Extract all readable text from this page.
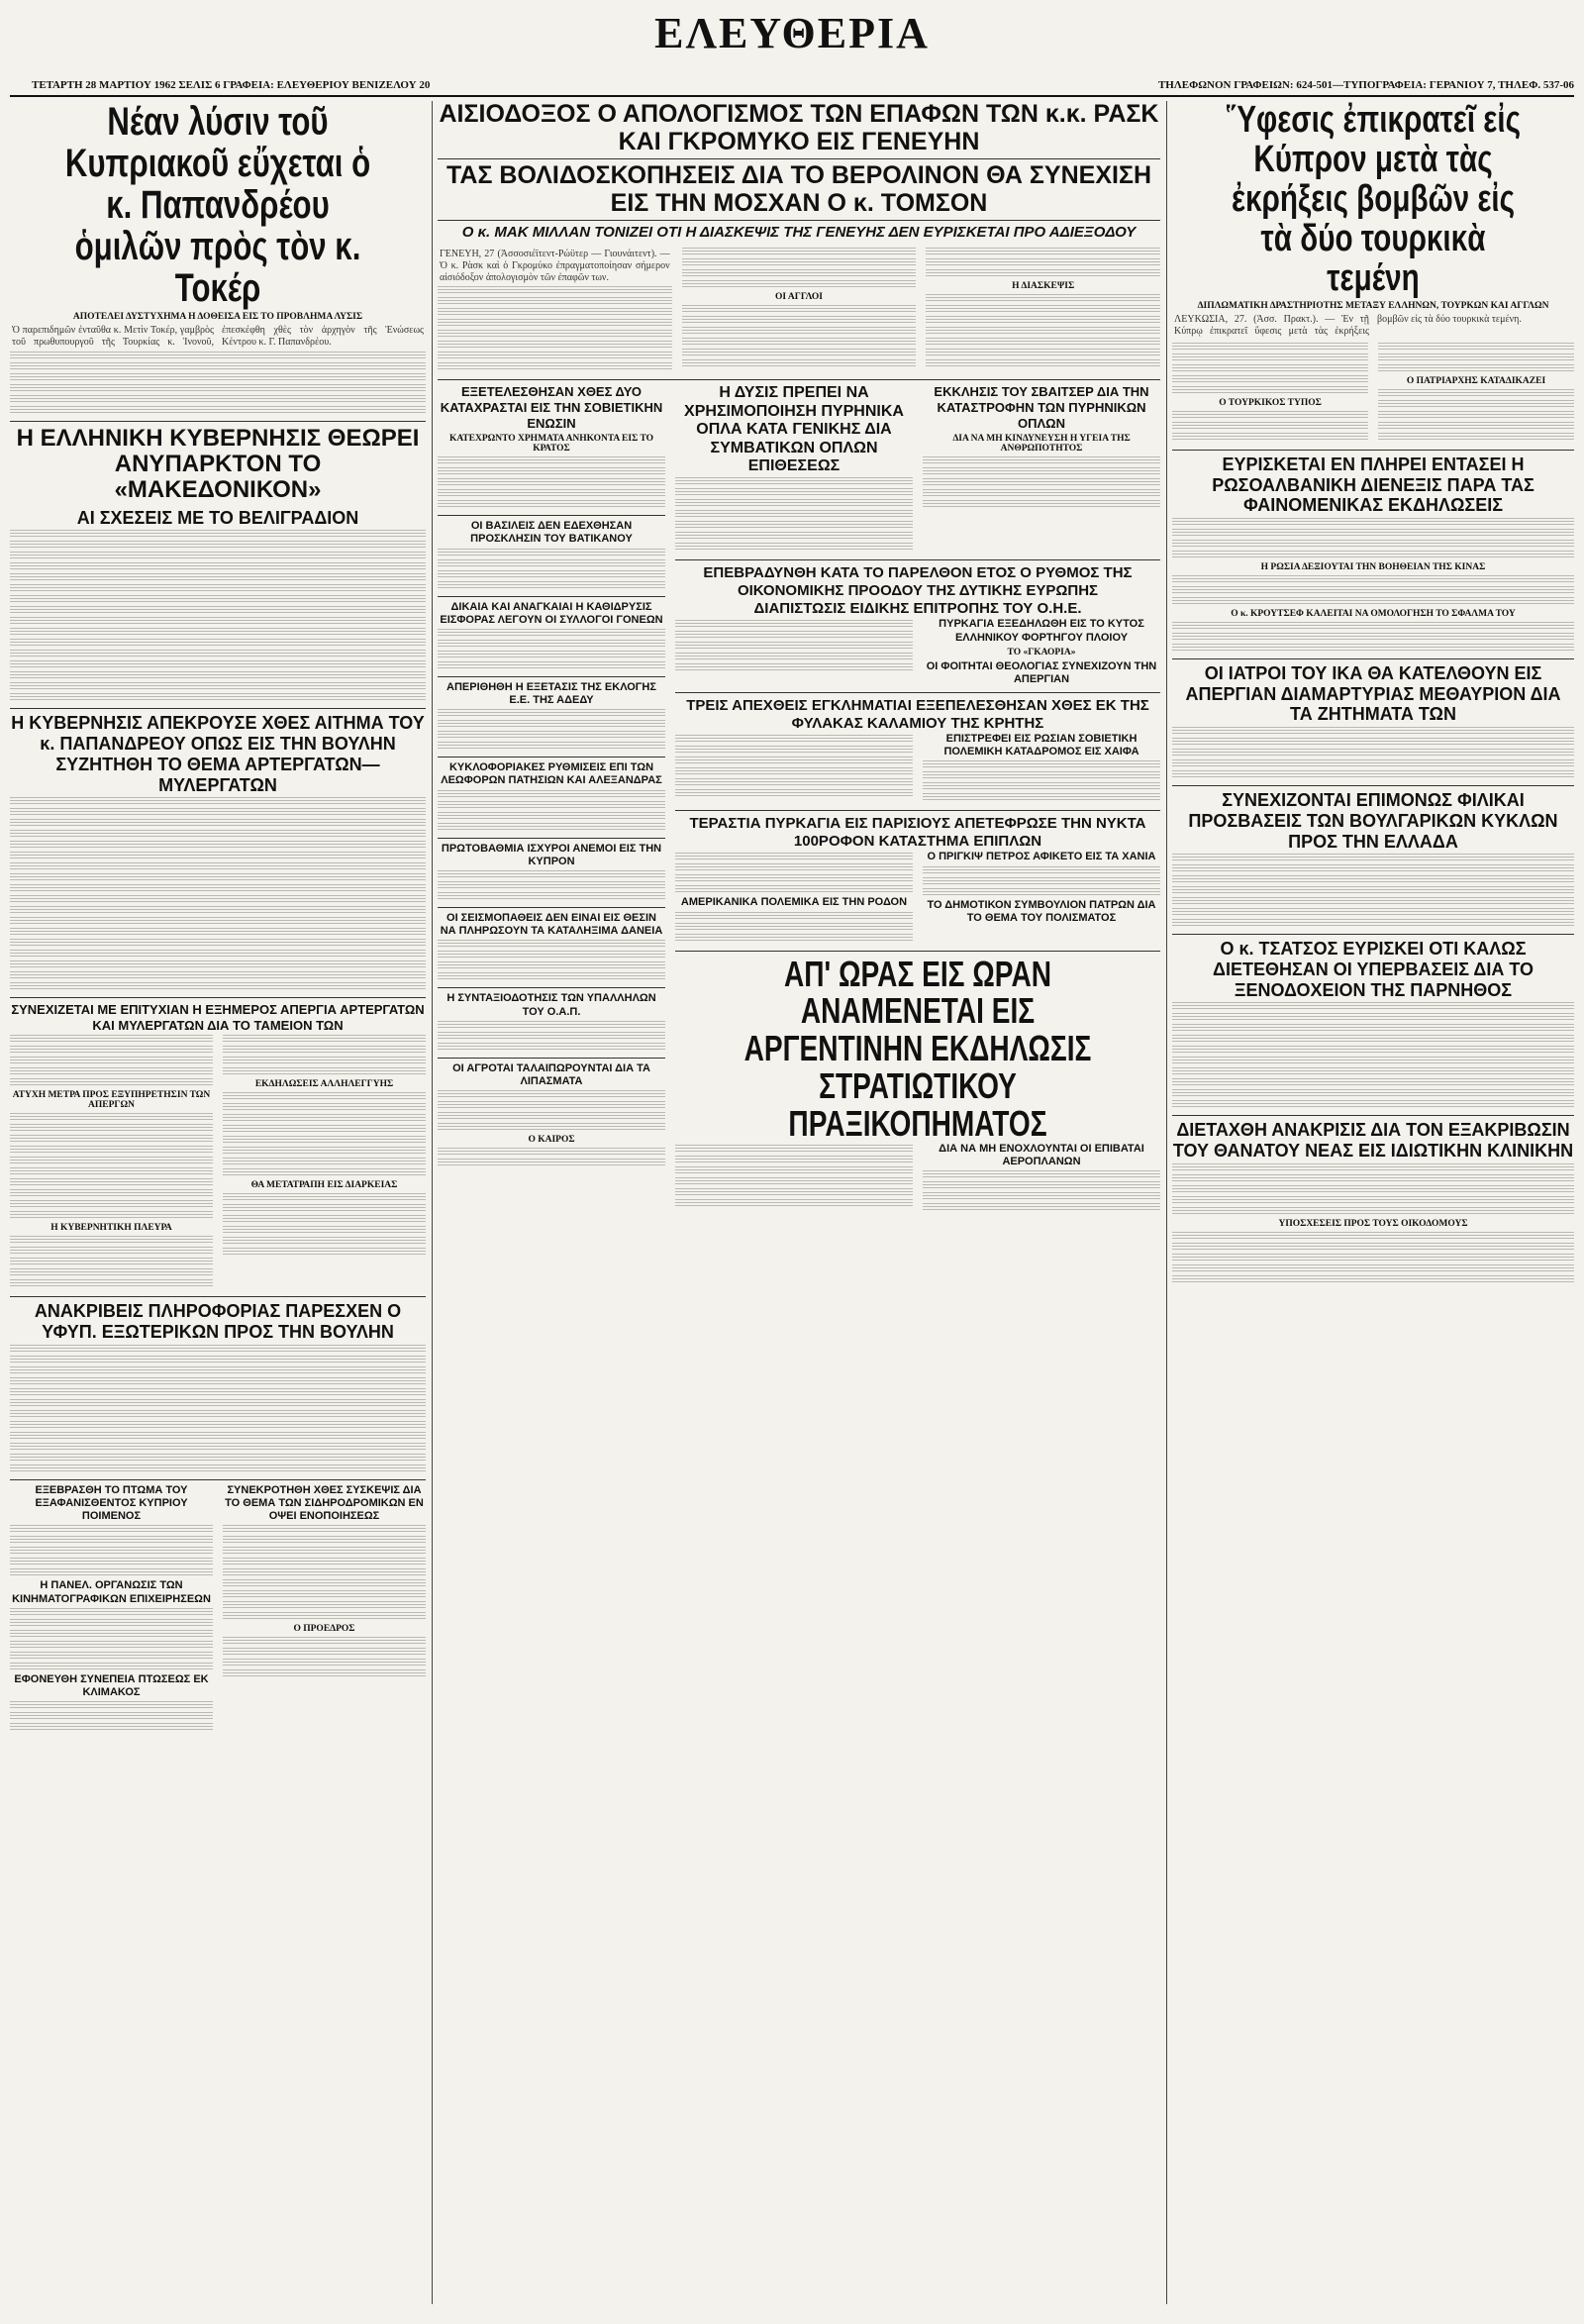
ΤΕΤΑΡΤΗ 28 ΜΑΡΤΙΟΥ 1962 ΣΕΛΙΣ 6 ΓΡΑΦΕΙΑ: ΕΛΕΥΘΕΡΙΟΥ ΒΕΝΙΖΕΛΟΥ 20
ΕΛΕΥΘΕΡΙΑ
ΤΗΛΕΦΩΝΟΝ ΓΡΑΦΕΙΩΝ: 624-501—ΤΥΠΟΓΡΑΦΕΙΑ: ΓΕΡΑΝΙΟΥ 7, ΤΗΛΕΦ. 537-06
Νέαν λύσιν τοῦ Κυπριακοῦ εὔχεται ὁ κ. Παπανδρέου ὁμιλῶν πρὸς τὸν κ. Τοκέρ
ΑΠΟΤΕΛΕΙ ΔΥΣΤΥΧΗΜΑ Η ΔΟΘΕΙΣΑ ΕΙΣ ΤΟ ΠΡΟΒΛΗΜΑ ΛΥΣΙΣ

Ὁ παρεπιδημῶν ἐνταῦθα κ. Μετὶν Τοκέρ, γαμβρὸς τοῦ πρωθυπουργοῦ τῆς Τουρκίας κ. Ἰνονοῦ, ἐπεσκέφθη χθὲς τὸν ἀρχηγὸν τῆς Ἑνώσεως Κέντρου κ. Γ. Παπανδρέου.

Η ΕΛΛΗΝΙΚΗ ΚΥΒΕΡΝΗΣΙΣ ΘΕΩΡΕΙ ΑΝΥΠΑΡΚΤΟΝ ΤΟ «ΜΑΚΕΔΟΝΙΚΟΝ»
ΑΙ ΣΧΕΣΕΙΣ ΜΕ ΤΟ ΒΕΛΙΓΡΑΔΙΟΝ
Η ΚΥΒΕΡΝΗΣΙΣ ΑΠΕΚΡΟΥΣΕ ΧΘΕΣ ΑΙΤΗΜΑ ΤΟΥ κ. ΠΑΠΑΝΔΡΕΟΥ ΟΠΩΣ ΕΙΣ ΤΗΝ ΒΟΥΛΗΝ ΣΥΖΗΤΗΘΗ ΤΟ ΘΕΜΑ ΑΡΤΕΡΓΑΤΩΝ—ΜΥΛΕΡΓΑΤΩΝ
ΣΥΝΕΧΙΖΕΤΑΙ ΜΕ ΕΠΙΤΥΧΙΑΝ Η ΕΞΗΜΕΡΟΣ ΑΠΕΡΓΙΑ ΑΡΤΕΡΓΑΤΩΝ ΚΑΙ ΜΥΛΕΡΓΑΤΩΝ ΔΙΑ ΤΟ ΤΑΜΕΙΟΝ ΤΩΝ
ΑΤΥΧΗ ΜΕΤΡΑ ΠΡΟΣ ΕΞΥΠΗΡΕΤΗΣΙΝ ΤΩΝ ΑΠΕΡΓΩΝ
Η ΚΥΒΕΡΝΗΤΙΚΗ ΠΛΕΥΡΑ
ΕΚΔΗΛΩΣΕΙΣ ΑΛΛΗΛΕΓΓΥΗΣ
ΘΑ ΜΕΤΑΤΡΑΠΗ ΕΙΣ ΔΙΑΡΚΕΙΑΣ
ΑΝΑΚΡΙΒΕΙΣ ΠΛΗΡΟΦΟΡΙΑΣ ΠΑΡΕΣΧΕΝ Ο ΥΦΥΠ. ΕΞΩΤΕΡΙΚΩΝ ΠΡΟΣ ΤΗΝ ΒΟΥΛΗΝ
ΕΞΕΒΡΑΣΘΗ ΤΟ ΠΤΩΜΑ ΤΟΥ ΕΞΑΦΑΝΙΣΘΕΝΤΟΣ ΚΥΠΡΙΟΥ ΠΟΙΜΕΝΟΣ
Η ΠΑΝΕΛ. ΟΡΓΑΝΩΣΙΣ ΤΩΝ ΚΙΝΗΜΑΤΟΓΡΑΦΙΚΩΝ ΕΠΙΧΕΙΡΗΣΕΩΝ
ΕΦΟΝΕΥΘΗ ΣΥΝΕΠΕΙΑ ΠΤΩΣΕΩΣ ΕΚ ΚΛΙΜΑΚΟΣ
ΣΥΝΕΚΡΟΤΗΘΗ ΧΘΕΣ ΣΥΣΚΕΨΙΣ ΔΙΑ ΤΟ ΘΕΜΑ ΤΩΝ ΣΙΔΗΡΟΔΡΟΜΙΚΩΝ ΕΝ ΟΨΕΙ ΕΝΟΠΟΙΗΣΕΩΣ
Ο ΠΡΟΕΔΡΟΣ
ΑΙΣΙΟΔΟΞΟΣ Ο ΑΠΟΛΟΓΙΣΜΟΣ ΤΩΝ ΕΠΑΦΩΝ ΤΩΝ κ.κ. ΡΑΣΚ ΚΑΙ ΓΚΡΟΜΥΚΟ ΕΙΣ ΓΕΝΕΥΗΝ
ΤΑΣ ΒΟΛΙΔΟΣΚΟΠΗΣΕΙΣ ΔΙΑ ΤΟ ΒΕΡΟΛΙΝΟΝ ΘΑ ΣΥΝΕΧΙΣΗ ΕΙΣ ΤΗΝ ΜΟΣΧΑΝ Ο κ. ΤΟΜΣΟΝ
Ο κ. ΜΑΚ ΜΙΛΛΑΝ ΤΟΝΙΖΕΙ ΟΤΙ Η ΔΙΑΣΚΕΨΙΣ ΤΗΣ ΓΕΝΕΥΗΣ ΔΕΝ ΕΥΡΙΣΚΕΤΑΙ ΠΡΟ ΑΔΙΕΞΟΔΟΥ

ΓΕΝΕΥΗ, 27 (Ἀσσοσιέϊτεντ-Ρώϋτερ — Γιουνάιτεντ). — Ὁ κ. Ρὰσκ καὶ ὁ Γκρομύκο ἐπραγματοποίησαν σήμερον αἰσιόδοξον ἀπολογισμὸν τῶν ἐπαφῶν των.

ΟΙ ΑΓΓΛΟΙ
Η ΔΙΑΣΚΕΨΙΣ
ΕΞΕΤΕΛΕΣΘΗΣΑΝ ΧΘΕΣ ΔΥΟ ΚΑΤΑΧΡΑΣΤΑΙ ΕΙΣ ΤΗΝ ΣΟΒΙΕΤΙΚΗΝ ΕΝΩΣΙΝ
ΚΑΤΕΧΡΩΝΤΟ ΧΡΗΜΑΤΑ ΑΝΗΚΟΝΤΑ ΕΙΣ ΤΟ ΚΡΑΤΟΣ
ΟΙ ΒΑΣΙΛΕΙΣ ΔΕΝ ΕΔΕΧΘΗΣΑΝ ΠΡΟΣΚΛΗΣΙΝ ΤΟΥ ΒΑΤΙΚΑΝΟΥ
ΔΙΚΑΙΑ ΚΑΙ ΑΝΑΓΚΑΙΑΙ Η ΚΑΘΙΔΡΥΣΙΣ ΕΙΣΦΟΡΑΣ ΛΕΓΟΥΝ ΟΙ ΣΥΛΛΟΓΟΙ ΓΟΝΕΩΝ
ΑΠΕΡΙΘΗΘΗ Η ΕΞΕΤΑΣΙΣ ΤΗΣ ΕΚΛΟΓΗΣ Ε.Ε. ΤΗΣ ΑΔΕΔΥ
ΚΥΚΛΟΦΟΡΙΑΚΕΣ ΡΥΘΜΙΣΕΙΣ ΕΠΙ ΤΩΝ ΛΕΩΦΟΡΩΝ ΠΑΤΗΣΙΩΝ ΚΑΙ ΑΛΕΞΑΝΔΡΑΣ
ΠΡΩΤΟΒΑΘΜΙΑ ΙΣΧΥΡΟΙ ΑΝΕΜΟΙ ΕΙΣ ΤΗΝ ΚΥΠΡΟΝ
ΟΙ ΣΕΙΣΜΟΠΑΘΕΙΣ ΔΕΝ ΕΙΝΑΙ ΕΙΣ ΘΕΣΙΝ ΝΑ ΠΛΗΡΩΣΟΥΝ ΤΑ ΚΑΤΑΛΗΞΙΜΑ ΔΑΝΕΙΑ
Η ΣΥΝΤΑΞΙΟΔΟΤΗΣΙΣ ΤΩΝ ΥΠΑΛΛΗΛΩΝ ΤΟΥ Ο.Α.Π.
ΟΙ ΑΓΡΟΤΑΙ ΤΑΛΑΙΠΩΡΟΥΝΤΑΙ ΔΙΑ ΤΑ ΛΙΠΑΣΜΑΤΑ
Ο ΚΑΙΡΟΣ
Η ΔΥΣΙΣ ΠΡΕΠΕΙ ΝΑ ΧΡΗΣΙΜΟΠΟΙΗΣΗ ΠΥΡΗΝΙΚΑ ΟΠΛΑ ΚΑΤΑ ΓΕΝΙΚΗΣ ΔΙΑ ΣΥΜΒΑΤΙΚΩΝ ΟΠΛΩΝ ΕΠΙΘΕΣΕΩΣ
ΕΚΚΛΗΣΙΣ ΤΟΥ ΣΒΑΙΤΣΕΡ ΔΙΑ ΤΗΝ ΚΑΤΑΣΤΡΟΦΗΝ ΤΩΝ ΠΥΡΗΝΙΚΩΝ ΟΠΛΩΝ
ΔΙΑ ΝΑ ΜΗ ΚΙΝΔΥΝΕΥΣΗ Η ΥΓΕΙΑ ΤΗΣ ΑΝΘΡΩΠΟΤΗΤΟΣ
ΕΠΕΒΡΑΔΥΝΘΗ ΚΑΤΑ ΤΟ ΠΑΡΕΛΘΟΝ ΕΤΟΣ Ο ΡΥΘΜΟΣ ΤΗΣ ΟΙΚΟΝΟΜΙΚΗΣ ΠΡΟΟΔΟΥ ΤΗΣ ΔΥΤΙΚΗΣ ΕΥΡΩΠΗΣ
ΔΙΑΠΙΣΤΩΣΙΣ ΕΙΔΙΚΗΣ ΕΠΙΤΡΟΠΗΣ ΤΟΥ Ο.Η.Ε.
ΠΥΡΚΑΓΙΑ ΕΞΕΔΗΛΩΘΗ ΕΙΣ ΤΟ ΚΥΤΟΣ ΕΛΛΗΝΙΚΟΥ ΦΟΡΤΗΓΟΥ ΠΛΟΙΟΥ
ΤΟ «ΓΚΑΟΡΙΑ»
ΟΙ ΦΟΙΤΗΤΑΙ ΘΕΟΛΟΓΙΑΣ ΣΥΝΕΧΙΖΟΥΝ ΤΗΝ ΑΠΕΡΓΙΑΝ
ΤΡΕΙΣ ΑΠΕΧΘΕΙΣ ΕΓΚΛΗΜΑΤΙΑΙ ΕΞΕΠΕΛΕΣΘΗΣΑΝ ΧΘΕΣ ΕΚ ΤΗΣ ΦΥΛΑΚΑΣ ΚΑΛΑΜΙΟΥ ΤΗΣ ΚΡΗΤΗΣ
ΕΠΙΣΤΡΕΦΕΙ ΕΙΣ ΡΩΣΙΑΝ ΣΟΒΙΕΤΙΚΗ ΠΟΛΕΜΙΚΗ ΚΑΤΑΔΡΟΜΟΣ ΕΙΣ ΧΑΙΦΑ
ΤΕΡΑΣΤΙΑ ΠΥΡΚΑΓΙΑ ΕΙΣ ΠΑΡΙΣΙΟΥΣ ΑΠΕΤΕΦΡΩΣΕ ΤΗΝ ΝΥΚΤΑ 100ΡΟΦΟΝ ΚΑΤΑΣΤΗΜΑ ΕΠΙΠΛΩΝ
ΑΜΕΡΙΚΑΝΙΚΑ ΠΟΛΕΜΙΚΑ ΕΙΣ ΤΗΝ ΡΟΔΟΝ
Ο ΠΡΙΓΚΙΨ ΠΕΤΡΟΣ ΑΦΙΚΕΤΟ ΕΙΣ ΤΑ ΧΑΝΙΑ
ΤΟ ΔΗΜΟΤΙΚΟΝ ΣΥΜΒΟΥΛΙΟΝ ΠΑΤΡΩΝ ΔΙΑ ΤΟ ΘΕΜΑ ΤΟΥ ΠΟΛΙΣΜΑΤΟΣ
ΑΠ' ΩΡΑΣ ΕΙΣ ΩΡΑΝ ΑΝΑΜΕΝΕΤΑΙ ΕΙΣ ΑΡΓΕΝΤΙΝΗΝ ΕΚΔΗΛΩΣΙΣ ΣΤΡΑΤΙΩΤΙΚΟΥ ΠΡΑΞΙΚΟΠΗΜΑΤΟΣ
ΔΙΑ ΝΑ ΜΗ ΕΝΟΧΛΟΥΝΤΑΙ ΟΙ ΕΠΙΒΑΤΑΙ ΑΕΡΟΠΛΑΝΩΝ
Ὕφεσις ἐπικρατεῖ εἰς Κύπρον μετὰ τὰς ἐκρήξεις βομβῶν εἰς τὰ δύο τουρκικὰ τεμένη
ΔΙΠΛΩΜΑΤΙΚΗ ΔΡΑΣΤΗΡΙΟΤΗΣ ΜΕΤΑΞΥ ΕΛΛΗΝΩΝ, ΤΟΥΡΚΩΝ ΚΑΙ ΑΓΓΛΩΝ

ΛΕΥΚΩΣΙΑ, 27. (Ἀσσ. Πρακτ.). — Ἐν τῇ Κύπρῳ ἐπικρατεῖ ὕφεσις μετὰ τὰς ἐκρήξεις βομβῶν εἰς τὰ δύο τουρκικὰ τεμένη.

Ο ΤΟΥΡΚΙΚΟΣ ΤΥΠΟΣ
Ο ΠΑΤΡΙΑΡΧΗΣ ΚΑΤΑΔΙΚΑΖΕΙ
ΕΥΡΙΣΚΕΤΑΙ ΕΝ ΠΛΗΡΕΙ ΕΝΤΑΣΕΙ Η ΡΩΣΟΑΛΒΑΝΙΚΗ ΔΙΕΝΕΞΙΣ ΠΑΡΑ ΤΑΣ ΦΑΙΝΟΜΕΝΙΚΑΣ ΕΚΔΗΛΩΣΕΙΣ
Η ΡΩΣΙΑ ΔΕΞΙΟΥΤΑΙ ΤΗΝ ΒΟΗΘΕΙΑΝ ΤΗΣ ΚΙΝΑΣ
Ο κ. ΚΡΟΥΤΣΕΦ ΚΑΛΕΙΤΑΙ ΝΑ ΟΜΟΛΟΓΗΣΗ ΤΟ ΣΦΑΛΜΑ ΤΟΥ
ΟΙ ΙΑΤΡΟΙ ΤΟΥ ΙΚΑ ΘΑ ΚΑΤΕΛΘΟΥΝ ΕΙΣ ΑΠΕΡΓΙΑΝ ΔΙΑΜΑΡΤΥΡΙΑΣ ΜΕΘΑΥΡΙΟΝ ΔΙΑ ΤΑ ΖΗΤΗΜΑΤΑ ΤΩΝ
ΣΥΝΕΧΙΖΟΝΤΑΙ ΕΠΙΜΟΝΩΣ ΦΙΛΙΚΑΙ ΠΡΟΣΒΑΣΕΙΣ ΤΩΝ ΒΟΥΛΓΑΡΙΚΩΝ ΚΥΚΛΩΝ ΠΡΟΣ ΤΗΝ ΕΛΛΑΔΑ
Ο κ. ΤΣΑΤΣΟΣ ΕΥΡΙΣΚΕΙ ΟΤΙ ΚΑΛΩΣ ΔΙΕΤΕΘΗΣΑΝ ΟΙ ΥΠΕΡΒΑΣΕΙΣ ΔΙΑ ΤΟ ΞΕΝΟΔΟΧΕΙΟΝ ΤΗΣ ΠΑΡΝΗΘΟΣ
ΔΙΕΤΑΧΘΗ ΑΝΑΚΡΙΣΙΣ ΔΙΑ ΤΟΝ ΕΞΑΚΡΙΒΩΣΙΝ ΤΟΥ ΘΑΝΑΤΟΥ ΝΕΑΣ ΕΙΣ ΙΔΙΩΤΙΚΗΝ ΚΛΙΝΙΚΗΝ
ΥΠΟΣΧΕΣΕΙΣ ΠΡΟΣ ΤΟΥΣ ΟΙΚΟΔΟΜΟΥΣ
